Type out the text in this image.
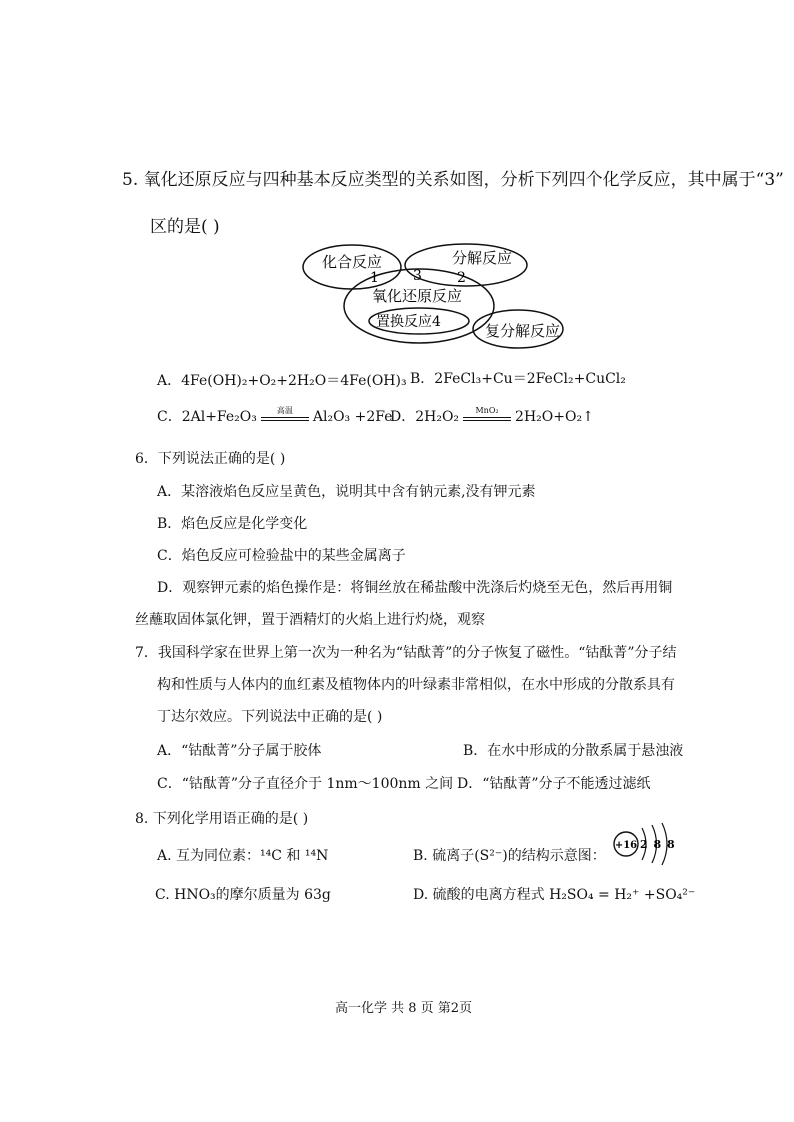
5. 氧化还原反应与四种基本反应类型的关系如图，分析下列四个化学反应，其中属于“3”
区的是( )
化合反应	分解反应
氧化还原反应
置换反应4	复分解反应
1 3	2
A．4Fe(OH)₂+O₂+2H₂O＝4Fe(OH)₃ B．2FeCl₃+Cu＝2FeCl₂+CuCl₂
C．2Al+Fe₂O₃	高温	Al₂O₃ +2Fe
D．2H₂O₂	MnO₂	2H₂O+O₂↑
6．下列说法正确的是( )
A．某溶液焰色反应呈黄色，说明其中含有钠元素,没有钾元素
B．焰色反应是化学变化
C．焰色反应可检验盐中的某些金属离子
D．观察钾元素的焰色操作是：将铜丝放在稀盐酸中洗涤后灼烧至无色，然后再用铜
丝蘸取固体氯化钾，置于酒精灯的火焰上进行灼烧，观察
7．我国科学家在世界上第一次为一种名为“钴酞菁”的分子恢复了磁性。“钴酞菁”分子结
构和性质与人体内的血红素及植物体内的叶绿素非常相似，在水中形成的分散系具有
丁达尔效应。下列说法中正确的是( )
A．“钴酞菁”分子属于胶体	B．在水中形成的分散系属于悬浊液
C．“钴酞菁”分子直径介于 1nm～100nm 之间 D．“钴酞菁”分子不能透过滤纸
8. 下列化学用语正确的是( )
A. 互为同位素：¹⁴C 和 ¹⁴N	B. 硫离子(S²⁻)的结构示意图：
+16 2 8 8
C. HNO₃的摩尔质量为 63g	D. 硫酸的电离方程式 H₂SO₄ = H₂⁺ +SO₄²⁻
高一化学 共 8 页 第2页
